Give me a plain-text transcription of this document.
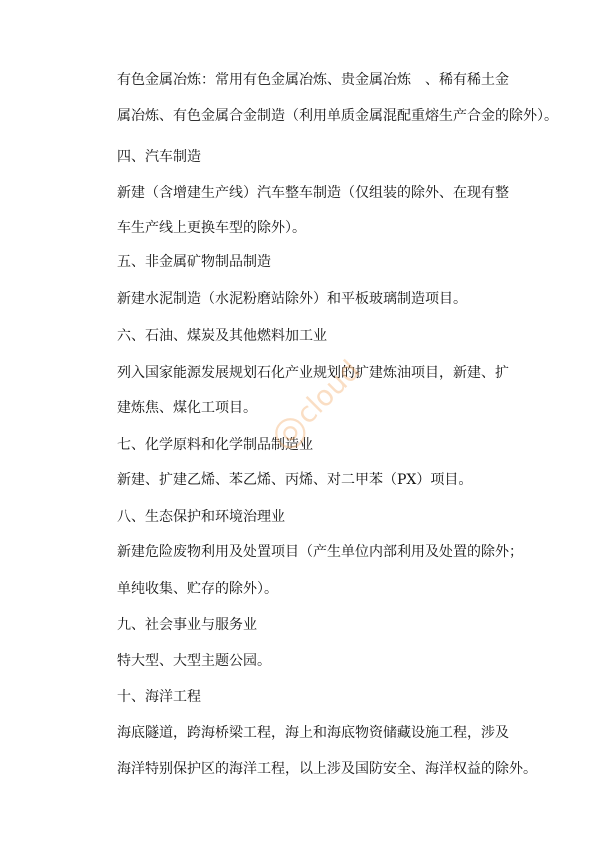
有色金属冶炼：常用有色金属冶炼、贵金属冶炼　、稀有稀土金
属冶炼、有色金属合金制造（利用单质金属混配重熔生产合金的除外）。
四、汽车制造
新建（含增建生产线）汽车整车制造（仅组装的除外、在现有整
车生产线上更换车型的除外）。
五、非金属矿物制品制造
新建水泥制造（水泥粉磨站除外）和平板玻璃制造项目。
六、石油、煤炭及其他燃料加工业
列入国家能源发展规划石化产业规划的扩建炼油项目，新建、扩
建炼焦、煤化工项目。
七、化学原料和化学制品制造业
新建、扩建乙烯、苯乙烯、丙烯、对二甲苯（PX）项目。
八、生态保护和环境治理业
新建危险废物利用及处置项目（产生单位内部利用及处置的除外；
单纯收集、贮存的除外）。
九、社会事业与服务业
特大型、大型主题公园。
十、海洋工程
海底隧道，跨海桥梁工程，海上和海底物资储藏设施工程，涉及
海洋特别保护区的海洋工程，以上涉及国防安全、海洋权益的除外。
cloud
